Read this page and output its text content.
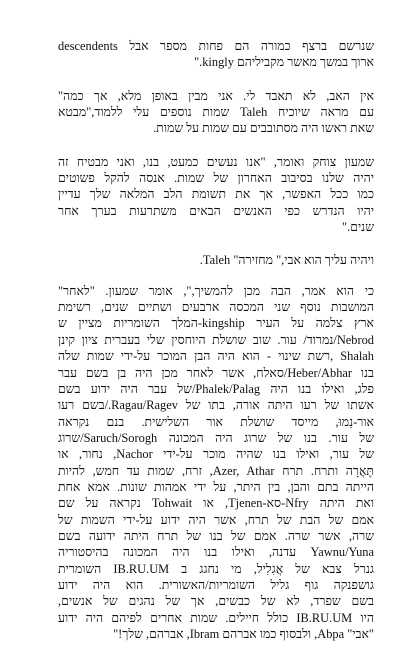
שנרשם ברצף כמורה הם פחות מספר אבל descendents
ארוך במשך מאשר מקביליהם kingly."
אין האב, לא תאבד לי. אני מבין באופן מלא, אך כמה"
עם מראה שיוכיח Taleh שמות נוספים עלי ללמוד,"מבטא
שאת ראשו היה מסתובבים עם שמות על שמות.
שמעון צוחק ואומר, "אנו נעשים כמעט, בנו, ואני מבטיח זה
יהיה שלנו בסיבוב האחרון של שמות. אנסה להקל פשוטים
כמו ככל האפשר, אך את תשומת הלב המלאה שלך עדיין
יהיו הנדרש כפי האנשים הבאים משתרעות בערך אחר
שנים."
ויהיה עליך הוא אבי," מחזירה" Taleh.
כי הוא אמר, הבה מכן להמשיך,", אומר שמעון. "לאחר"
המושבות נוסף שני המכסה ארבעים ושתיים שנים, רשימת
ארץ צלמה על העיר kingship-המלך השומריות מציין ש
Nebrod/נמרוד/ עור. שוב שושלת היוחסין שלי בעברית ציון קינן
Shalah ,רשת שינוי - הוא היה הבן המוכר על-ידי שמות שלה
בנו Heber/Abhar/סאלח, אשר לאחר מכן היה בן בשם עבר
פלג, ואילו בנו היה Phalek/Palag/של עבר היה ידוע בשם
אשתו של רעו היתה אורה, בתו של Ragau/Ragev./בשם רעו
אור-נַמוּ, מייסד שושלת אור השלישית. בנם נקראה
של עור. בנו של שרוג היה המכונה Saruch/Sorogh/שרוג
של עור, ואילו בנו שהיה מוכר על-ידי Nachor, נחור, או
תֶּאֲרָה ותרח. תרח Azer, Athar, זרח, שמות עד חמש, להיות
הייתה בתם והבן, בין היתר, על ידי אמהות שונות. אמא אחת
ואת היתה Nfry-סא-Tjenen, או Tohwait נקראה על שם
אמם של הבת של תרח, אשר היה ידוע על-ידי השמות של
שרה, אשר שרה. אמם של בנו של תרח היתה ידועה בשם
Yawnu/Yuna עדנה, ואילו בנו היה המכונה בהיסטוריה
גנרל צבא של אֲגִלִיל, מי נחגג ב IB.RU.UM השומרית
גושפנקה גוף גליל השומריות/האשורית. הוא היה ידוע
בשם שפרד, לא של כבשים, אך של נהגים של אנשים,
היו IB.RU.UM כולל חיילים. שמות אחרים לפיהם היה ידוע
"אבי" Abpa, ולבסוף כמו אברהם Ibram, אברהם, שלך!"
